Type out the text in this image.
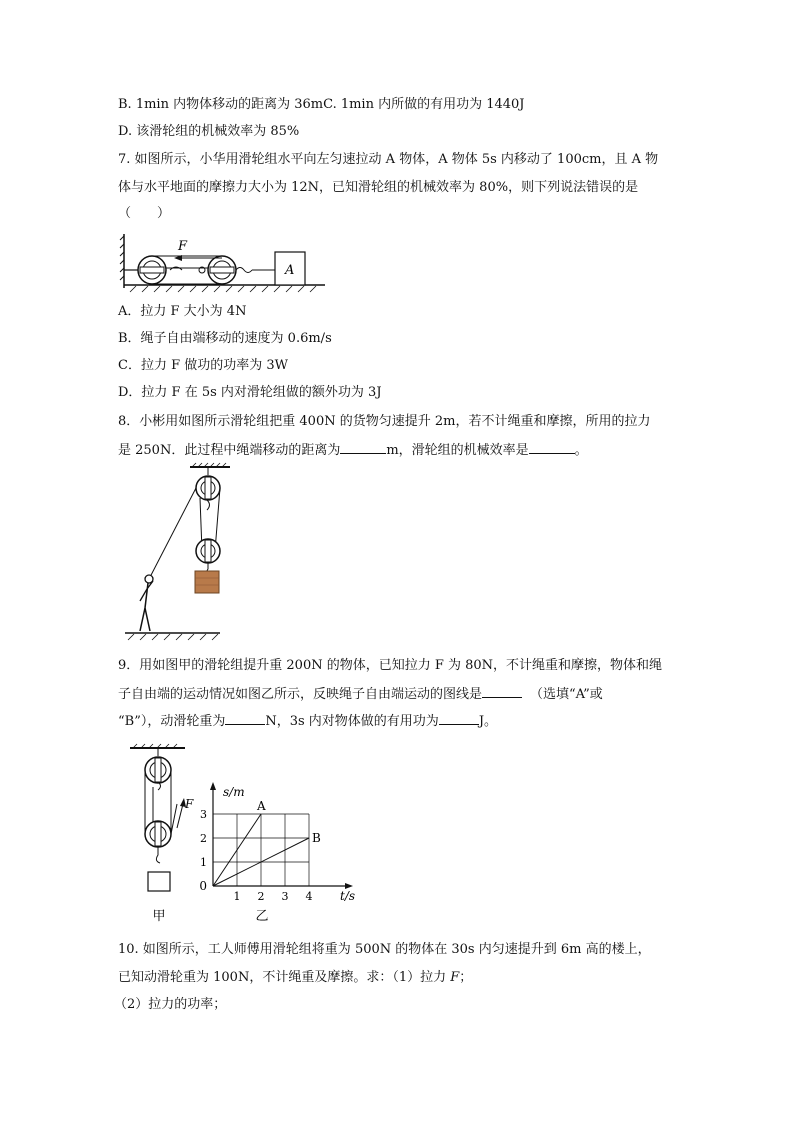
B. 1min 内物体移动的距离为 36mC. 1min 内所做的有用功为 1440J
D. 该滑轮组的机械效率为 85%
7. 如图所示，小华用滑轮组水平向左匀速拉动 A 物体，A 物体 5s 内移动了 100cm，且 A 物
体与水平地面的摩擦力大小为 12N，已知滑轮组的机械效率为 80%，则下列说法错误的是
（　　）
F
A
A．拉力 F 大小为 4N
B．绳子自由端移动的速度为 0.6m/s
C．拉力 F 做功的功率为 3W
D．拉力 F 在 5s 内对滑轮组做的额外功为 3J
8．小彬用如图所示滑轮组把重 400N 的货物匀速提升 2m，若不计绳重和摩擦，所用的拉力
是 250N．此过程中绳端移动的距离为	m，滑轮组的机械效率是	。
9．用如图甲的滑轮组提升重 200N 的物体，已知拉力 F 为 80N，不计绳重和摩擦，物体和绳
子自由端的运动情况如图乙所示，反映绳子自由端运动的图线是	（选填“A”或
“B”），动滑轮重为	N，3s 内对物体做的有用功为	J。
F
甲
A
B
1 2 3 4
1
2
3
s/m
t/s
0
乙
10. 如图所示，工人师傅用滑轮组将重为 500N 的物体在 30s 内匀速提升到 6m 高的楼上，
已知动滑轮重为 100N，不计绳重及摩擦。求：（1）拉力 F；
（2）拉力的功率；
